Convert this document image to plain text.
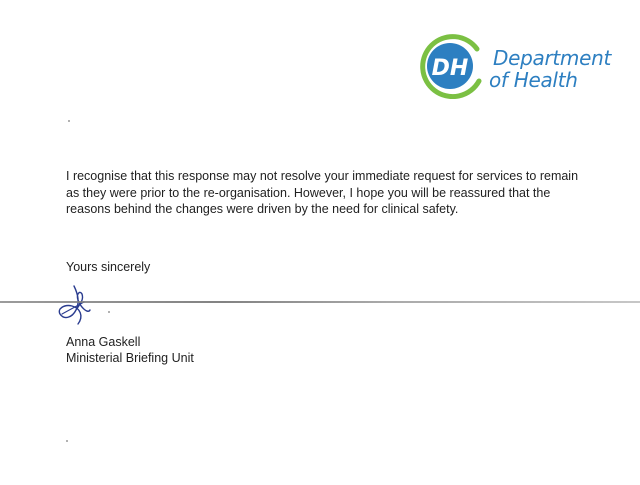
DH Department
of Health

I recognise that this response may not resolve your immediate request for services to remain as they were prior to the re-organisation. However, I hope you will be reassured that the reasons behind the changes were driven by the need for clinical safety.

Yours sincerely

Anna Gaskell
Ministerial Briefing Unit
